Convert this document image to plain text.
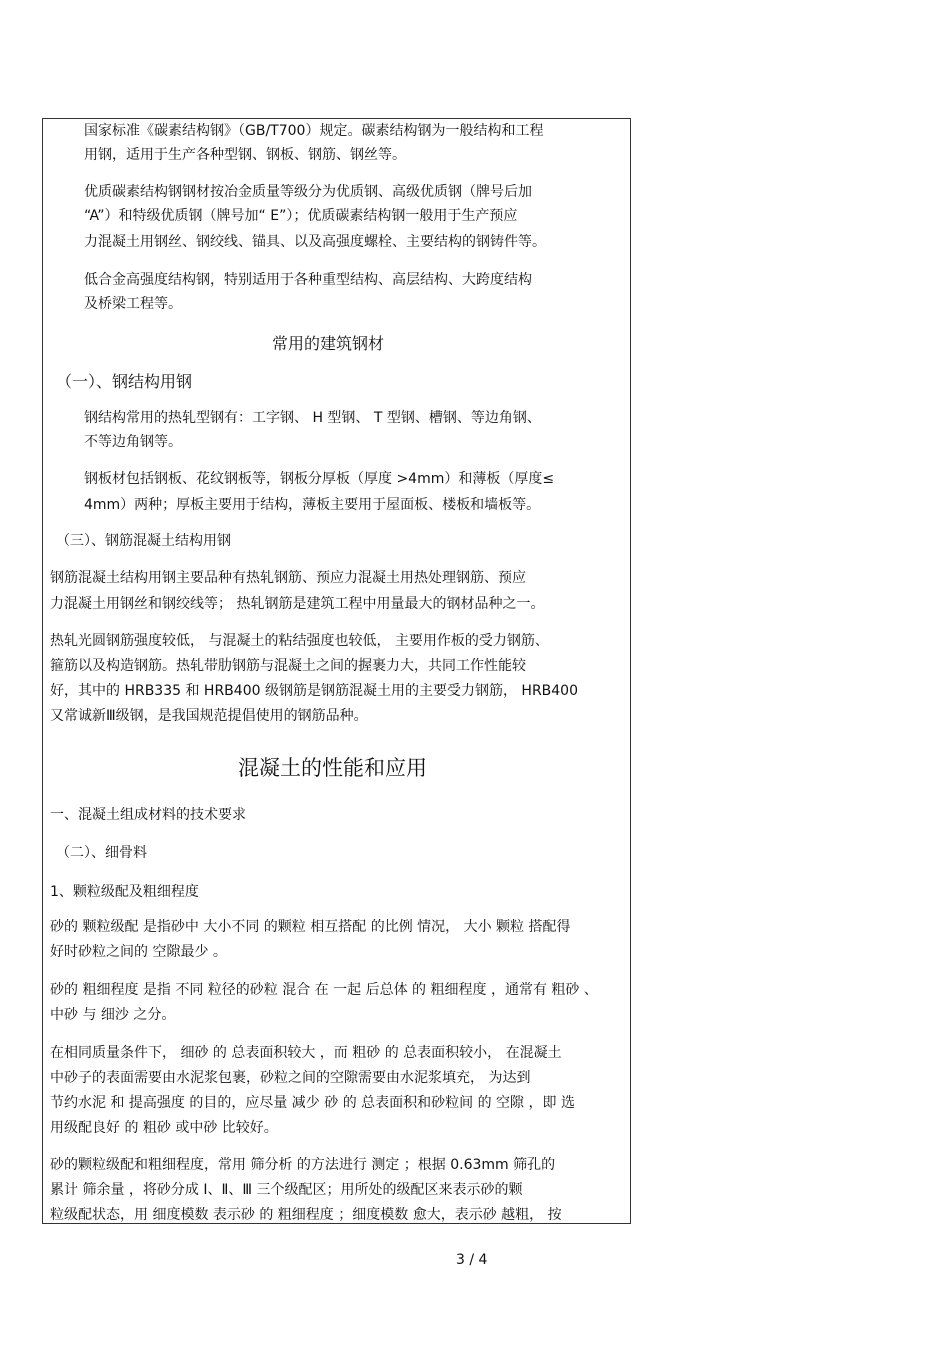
国家标准《碳素结构钢》（GB/T700）规定。碳素结构钢为一般结构和工程
用钢，适用于生产各种型钢、钢板、钢筋、钢丝等。
优质碳素结构钢钢材按冶金质量等级分为优质钢、高级优质钢（牌号后加
“A”）和特级优质钢（牌号加“ E”）；优质碳素结构钢一般用于生产预应
力混凝土用钢丝、钢绞线、锚具、以及高强度螺栓、主要结构的钢铸件等。
低合金高强度结构钢，特别适用于各种重型结构、高层结构、大跨度结构
及桥梁工程等。
常用的建筑钢材
（一）、钢结构用钢
钢结构常用的热轧型钢有：工字钢、 H 型钢、 T 型钢、槽钢、等边角钢、
不等边角钢等。
钢板材包括钢板、花纹钢板等，钢板分厚板（厚度 >4mm）和薄板（厚度≤
4mm）两种；厚板主要用于结构，薄板主要用于屋面板、楼板和墙板等。
（三）、钢筋混凝土结构用钢
钢筋混凝土结构用钢主要品种有热轧钢筋、预应力混凝土用热处理钢筋、预应
力混凝土用钢丝和钢绞线等； 热轧钢筋是建筑工程中用量最大的钢材品种之一。
热轧光圆钢筋强度较低， 与混凝土的粘结强度也较低， 主要用作板的受力钢筋、
箍筋以及构造钢筋。热轧带肋钢筋与混凝土之间的握裹力大，共同工作性能较
好，其中的 HRB335 和 HRB400 级钢筋是钢筋混凝土用的主要受力钢筋， HRB400
又常诚新Ⅲ级钢，是我国规范提倡使用的钢筋品种。
混凝土的性能和应用
一、混凝土组成材料的技术要求
（二）、细骨料
1、颗粒级配及粗细程度
砂的 颗粒级配 是指砂中 大小不同 的颗粒 相互搭配 的比例 情况， 大小 颗粒 搭配得
好时砂粒之间的 空隙最少 。
砂的 粗细程度 是指 不同 粒径的砂粒 混合 在 一起 后总体 的 粗细程度 ，通常有 粗砂 、
中砂 与 细沙 之分。
在相同质量条件下， 细砂 的 总表面积较大 ，而 粗砂 的 总表面积较小， 在混凝土
中砂子的表面需要由水泥浆包裹，砂粒之间的空隙需要由水泥浆填充， 为达到
节约水泥 和 提高强度 的目的，应尽量 减少 砂 的 总表面积和砂粒间 的 空隙 ，即 选
用级配良好 的 粗砂 或中砂 比较好。
砂的颗粒级配和粗细程度，常用 筛分析 的方法进行 测定 ；根据 0.63mm 筛孔的
累计 筛余量 ，将砂分成 Ⅰ、Ⅱ、Ⅲ 三个级配区；用所处的级配区来表示砂的颗
粒级配状态，用 细度模数 表示砂 的 粗细程度 ；细度模数 愈大，表示砂 越粗， 按
3 / 4
